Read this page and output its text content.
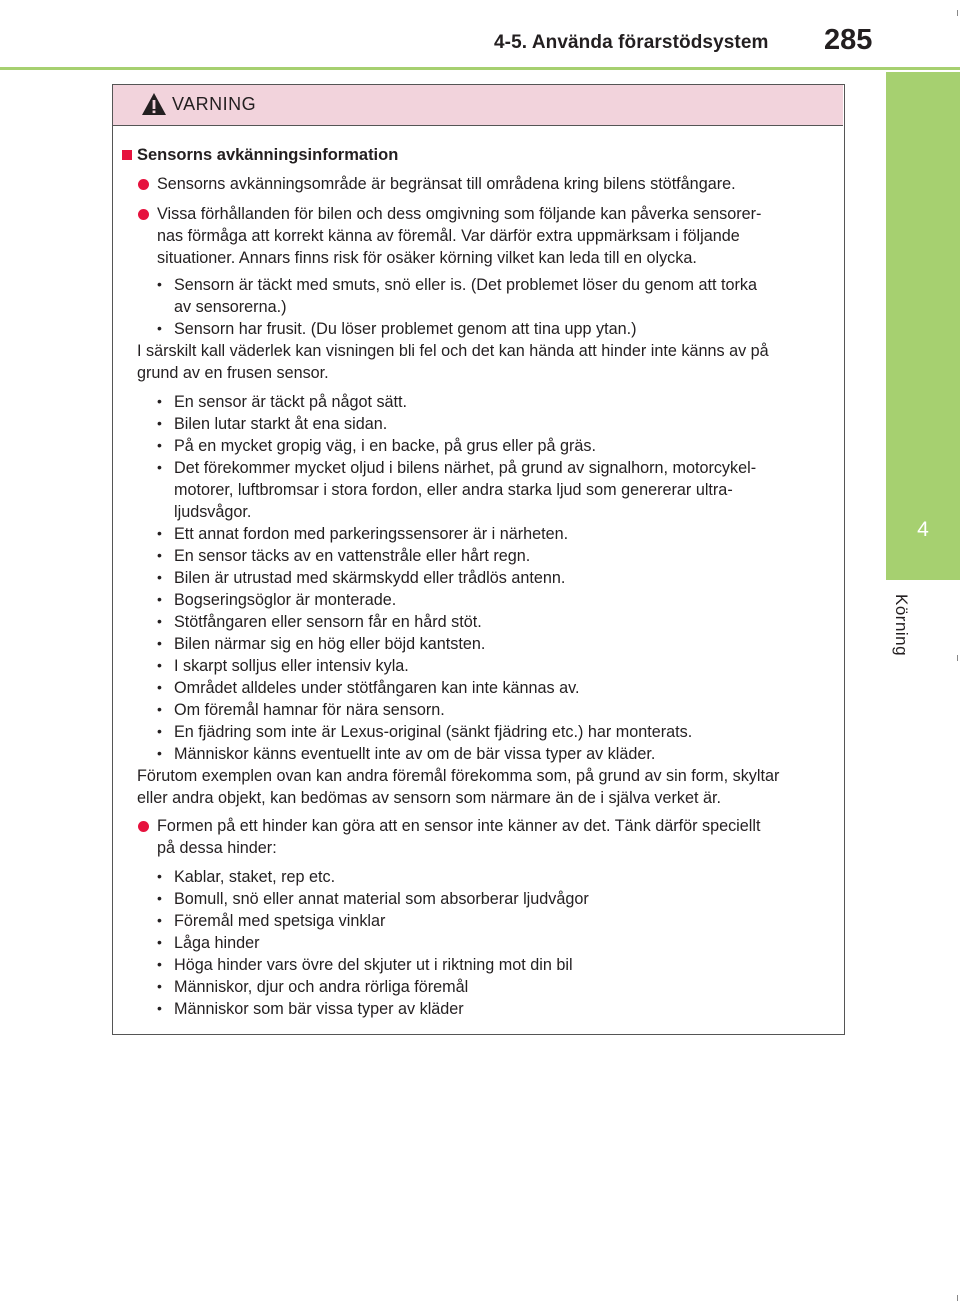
4-5. Använda förarstödsystem 285
4
Körning
VARNING
Sensorns avkänningsinformation
Sensorns avkänningsområde är begränsat till områdena kring bilens stötfångare.
Vissa förhållanden för bilen och dess omgivning som följande kan påverka sensorer-
nas förmåga att korrekt känna av föremål. Var därför extra uppmärksam i följande
situationer. Annars finns risk för osäker körning vilket kan leda till en olycka.
• Sensorn är täckt med smuts, snö eller is. (Det problemet löser du genom att torka
av sensorerna.)
• Sensorn har frusit. (Du löser problemet genom att tina upp ytan.)
I särskilt kall väderlek kan visningen bli fel och det kan hända att hinder inte känns av på
grund av en frusen sensor.
• En sensor är täckt på något sätt.
• Bilen lutar starkt åt ena sidan.
• På en mycket gropig väg, i en backe, på grus eller på gräs.
• Det förekommer mycket oljud i bilens närhet, på grund av signalhorn, motorcykel-
motorer, luftbromsar i stora fordon, eller andra starka ljud som genererar ultra-
ljudsvågor.
• Ett annat fordon med parkeringssensorer är i närheten.
• En sensor täcks av en vattenstråle eller hårt regn.
• Bilen är utrustad med skärmskydd eller trådlös antenn.
• Bogseringsöglor är monterade.
• Stötfångaren eller sensorn får en hård stöt.
• Bilen närmar sig en hög eller böjd kantsten.
• I skarpt solljus eller intensiv kyla.
• Området alldeles under stötfångaren kan inte kännas av.
• Om föremål hamnar för nära sensorn.
• En fjädring som inte är Lexus-original (sänkt fjädring etc.) har monterats.
• Människor känns eventuellt inte av om de bär vissa typer av kläder.
Förutom exemplen ovan kan andra föremål förekomma som, på grund av sin form, skyltar
eller andra objekt, kan bedömas av sensorn som närmare än de i själva verket är.
Formen på ett hinder kan göra att en sensor inte känner av det. Tänk därför speciellt
på dessa hinder:
• Kablar, staket, rep etc.
• Bomull, snö eller annat material som absorberar ljudvågor
• Föremål med spetsiga vinklar
• Låga hinder
• Höga hinder vars övre del skjuter ut i riktning mot din bil
• Människor, djur och andra rörliga föremål
• Människor som bär vissa typer av kläder
